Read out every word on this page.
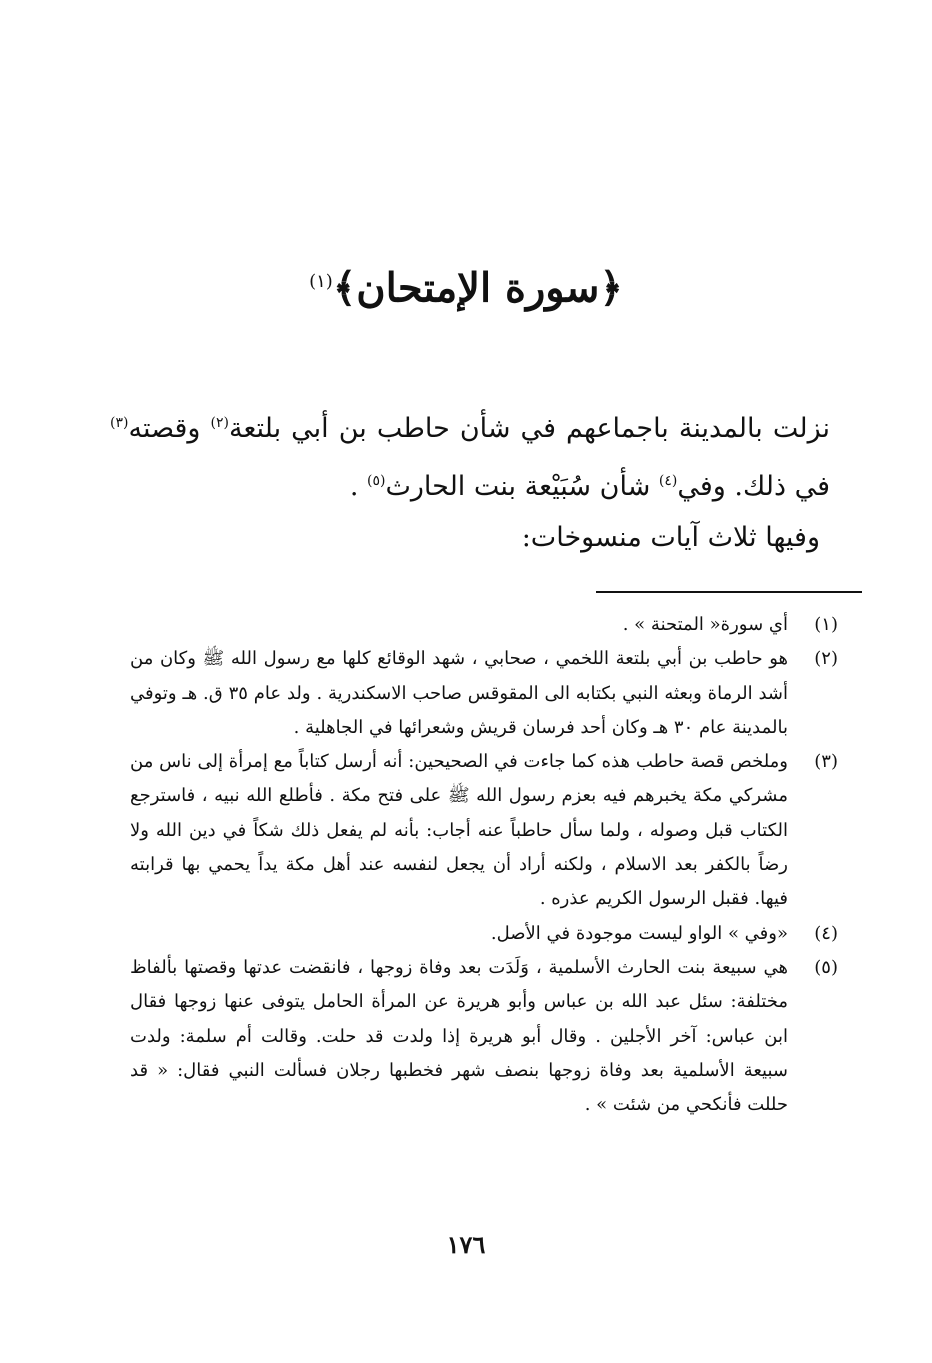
﴿سورة الإمتحان﴾$^{(١)}$
نزلت بالمدينة باجماعهم في شأن حاطب بن أبي بلتعة$^{(٢)}$ وقصته$^{(٣)}$ في ذلك. وفي$^{(٤)}$ شأن سُبَيْعة بنت الحارث$^{(٥)}$ .
وفيها ثلاث آيات منسوخات:
(١)
أي سورة« المتحنة » .
(٢)
هو حاطب بن أبي بلتعة اللخمي ، صحابي ، شهد الوقائع كلها مع رسول الله ﷺ وكان من أشد الرماة وبعثه النبي بكتابه الى المقوقس صاحب الاسكندرية . ولد عام ٣٥ ق. هـ وتوفي بالمدينة عام ٣٠ هـ وكان أحد فرسان قريش وشعرائها في الجاهلية .
(٣)
وملخص قصة حاطب هذه كما جاءت في الصحيحين: أنه أرسل كتاباً مع إمرأة إلى ناس من مشركي مكة يخبرهم فيه بعزم رسول الله ﷺ على فتح مكة . فأطلع الله نبيه ، فاسترجع الكتاب قبل وصوله ، ولما سأل حاطباً عنه أجاب: بأنه لم يفعل ذلك شكاً في دين الله ولا رضاً بالكفر بعد الاسلام ، ولكنه أراد أن يجعل لنفسه عند أهل مكة يداً يحمي بها قرابته فيها. فقبل الرسول الكريم عذره .
(٤)
«وفي » الواو ليست موجودة في الأصل.
(٥)
هي سبيعة بنت الحارث الأسلمية ، وَلَدَت بعد وفاة زوجها ، فانقضت عدتها وقصتها بألفاظ مختلفة: سئل عبد الله بن عباس وأبو هريرة عن المرأة الحامل يتوفى عنها زوجها فقال ابن عباس: آخر الأجلين . وقال أبو هريرة إذا ولدت قد حلت. وقالت أم سلمة: ولدت سبيعة الأسلمية بعد وفاة زوجها بنصف شهر فخطبها رجلان فسألت النبي فقال: « قد حللت فأنكحي من شئت » .
١٧٦
